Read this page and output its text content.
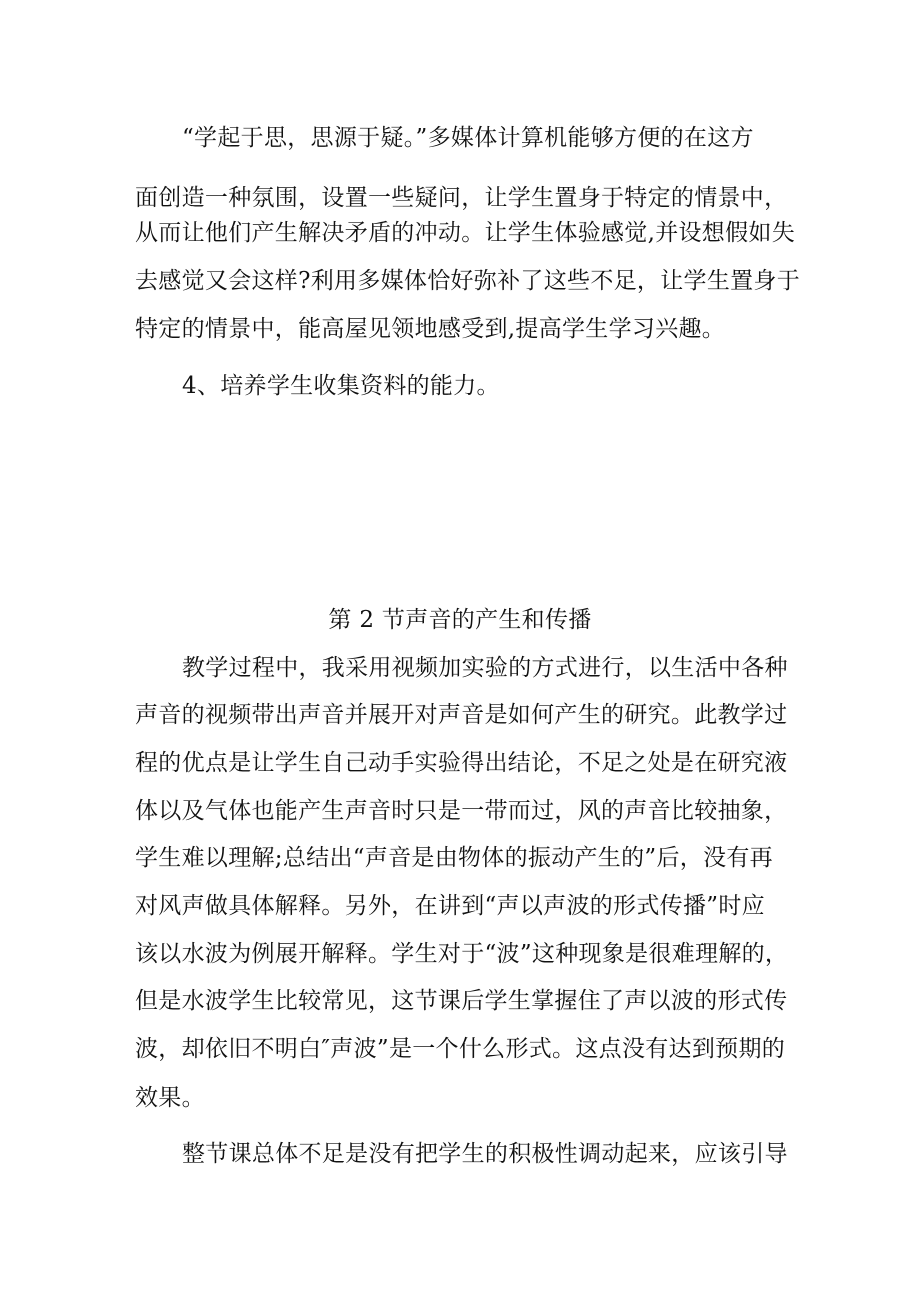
“学起于思，思源于疑。”多媒体计算机能够方便的在这方
面创造一种氛围，设置一些疑问，让学生置身于特定的情景中，
从而让他们产生解决矛盾的冲动。让学生体验感觉,并设想假如失
去感觉又会这样?利用多媒体恰好弥补了这些不足，让学生置身于
特定的情景中，能高屋见领地感受到,提高学生学习兴趣。
4、培养学生收集资料的能力。
第 2 节声音的产生和传播
教学过程中，我采用视频加实验的方式进行，以生活中各种
声音的视频带出声音并展开对声音是如何产生的研究。此教学过
程的优点是让学生自己动手实验得出结论，不足之处是在研究液
体以及气体也能产生声音时只是一带而过，风的声音比较抽象，
学生难以理解;总结出“声音是由物体的振动产生的”后，没有再
对风声做具体解释。另外，在讲到“声以声波的形式传播”时应
该以水波为例展开解释。学生对于“波”这种现象是很难理解的，
但是水波学生比较常见，这节课后学生掌握住了声以波的形式传
波，却依旧不明白″声波”是一个什么形式。这点没有达到预期的
效果。
整节课总体不足是没有把学生的积极性调动起来，应该引导
